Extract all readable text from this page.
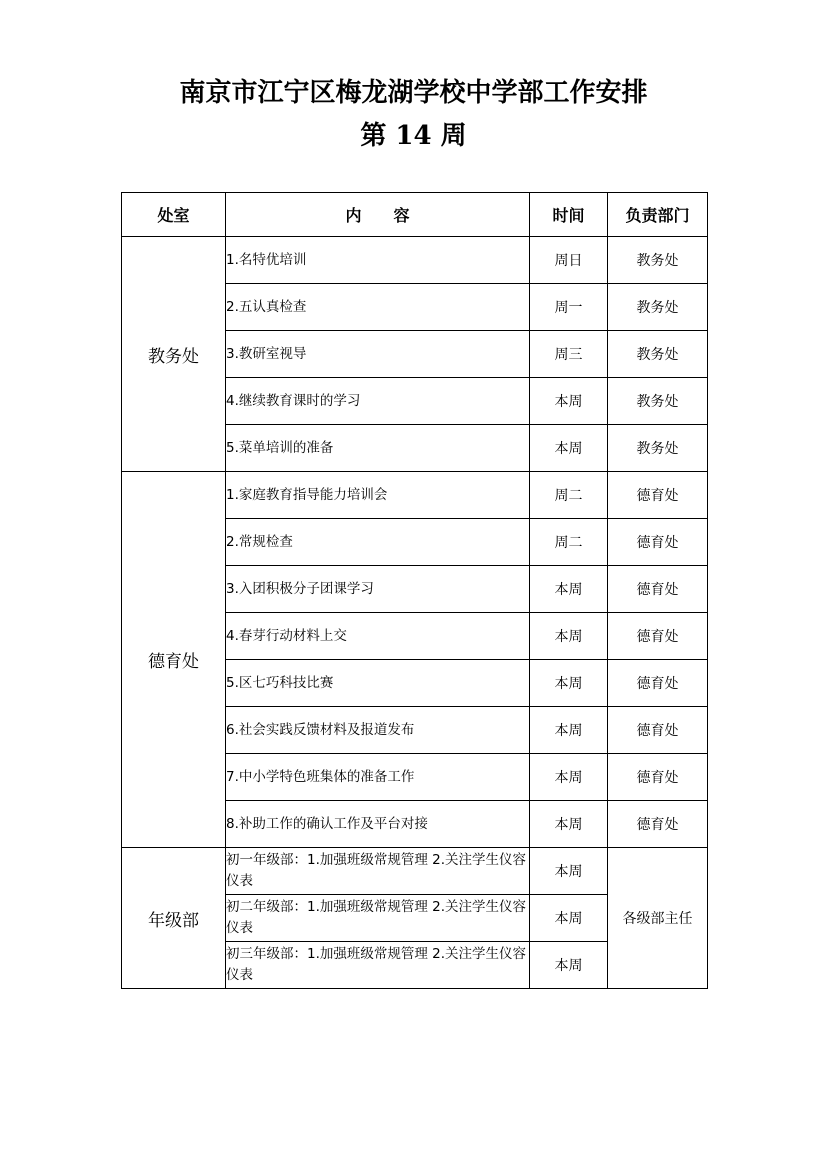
南京市江宁区梅龙湖学校中学部工作安排
第 14 周
处室	内　　容	时间	负责部门
教务处	1.名特优培训	周日	教务处
	2.五认真检查	周一	教务处
	3.教研室视导	周三	教务处
	4.继续教育课时的学习	本周	教务处
	5.菜单培训的准备	本周	教务处
德育处	1.家庭教育指导能力培训会	周二	德育处
	2.常规检查	周二	德育处
	3.入团积极分子团课学习	本周	德育处
	4.春芽行动材料上交	本周	德育处
	5.区七巧科技比赛	本周	德育处
	6.社会实践反馈材料及报道发布	本周	德育处
	7.中小学特色班集体的准备工作	本周	德育处
	8.补助工作的确认工作及平台对接	本周	德育处
年级部	初一年级部：1.加强班级常规管理 2.关注学生仪容仪表	本周	各级部主任
	初二年级部：1.加强班级常规管理 2.关注学生仪容仪表	本周	
	初三年级部：1.加强班级常规管理 2.关注学生仪容仪表	本周	
